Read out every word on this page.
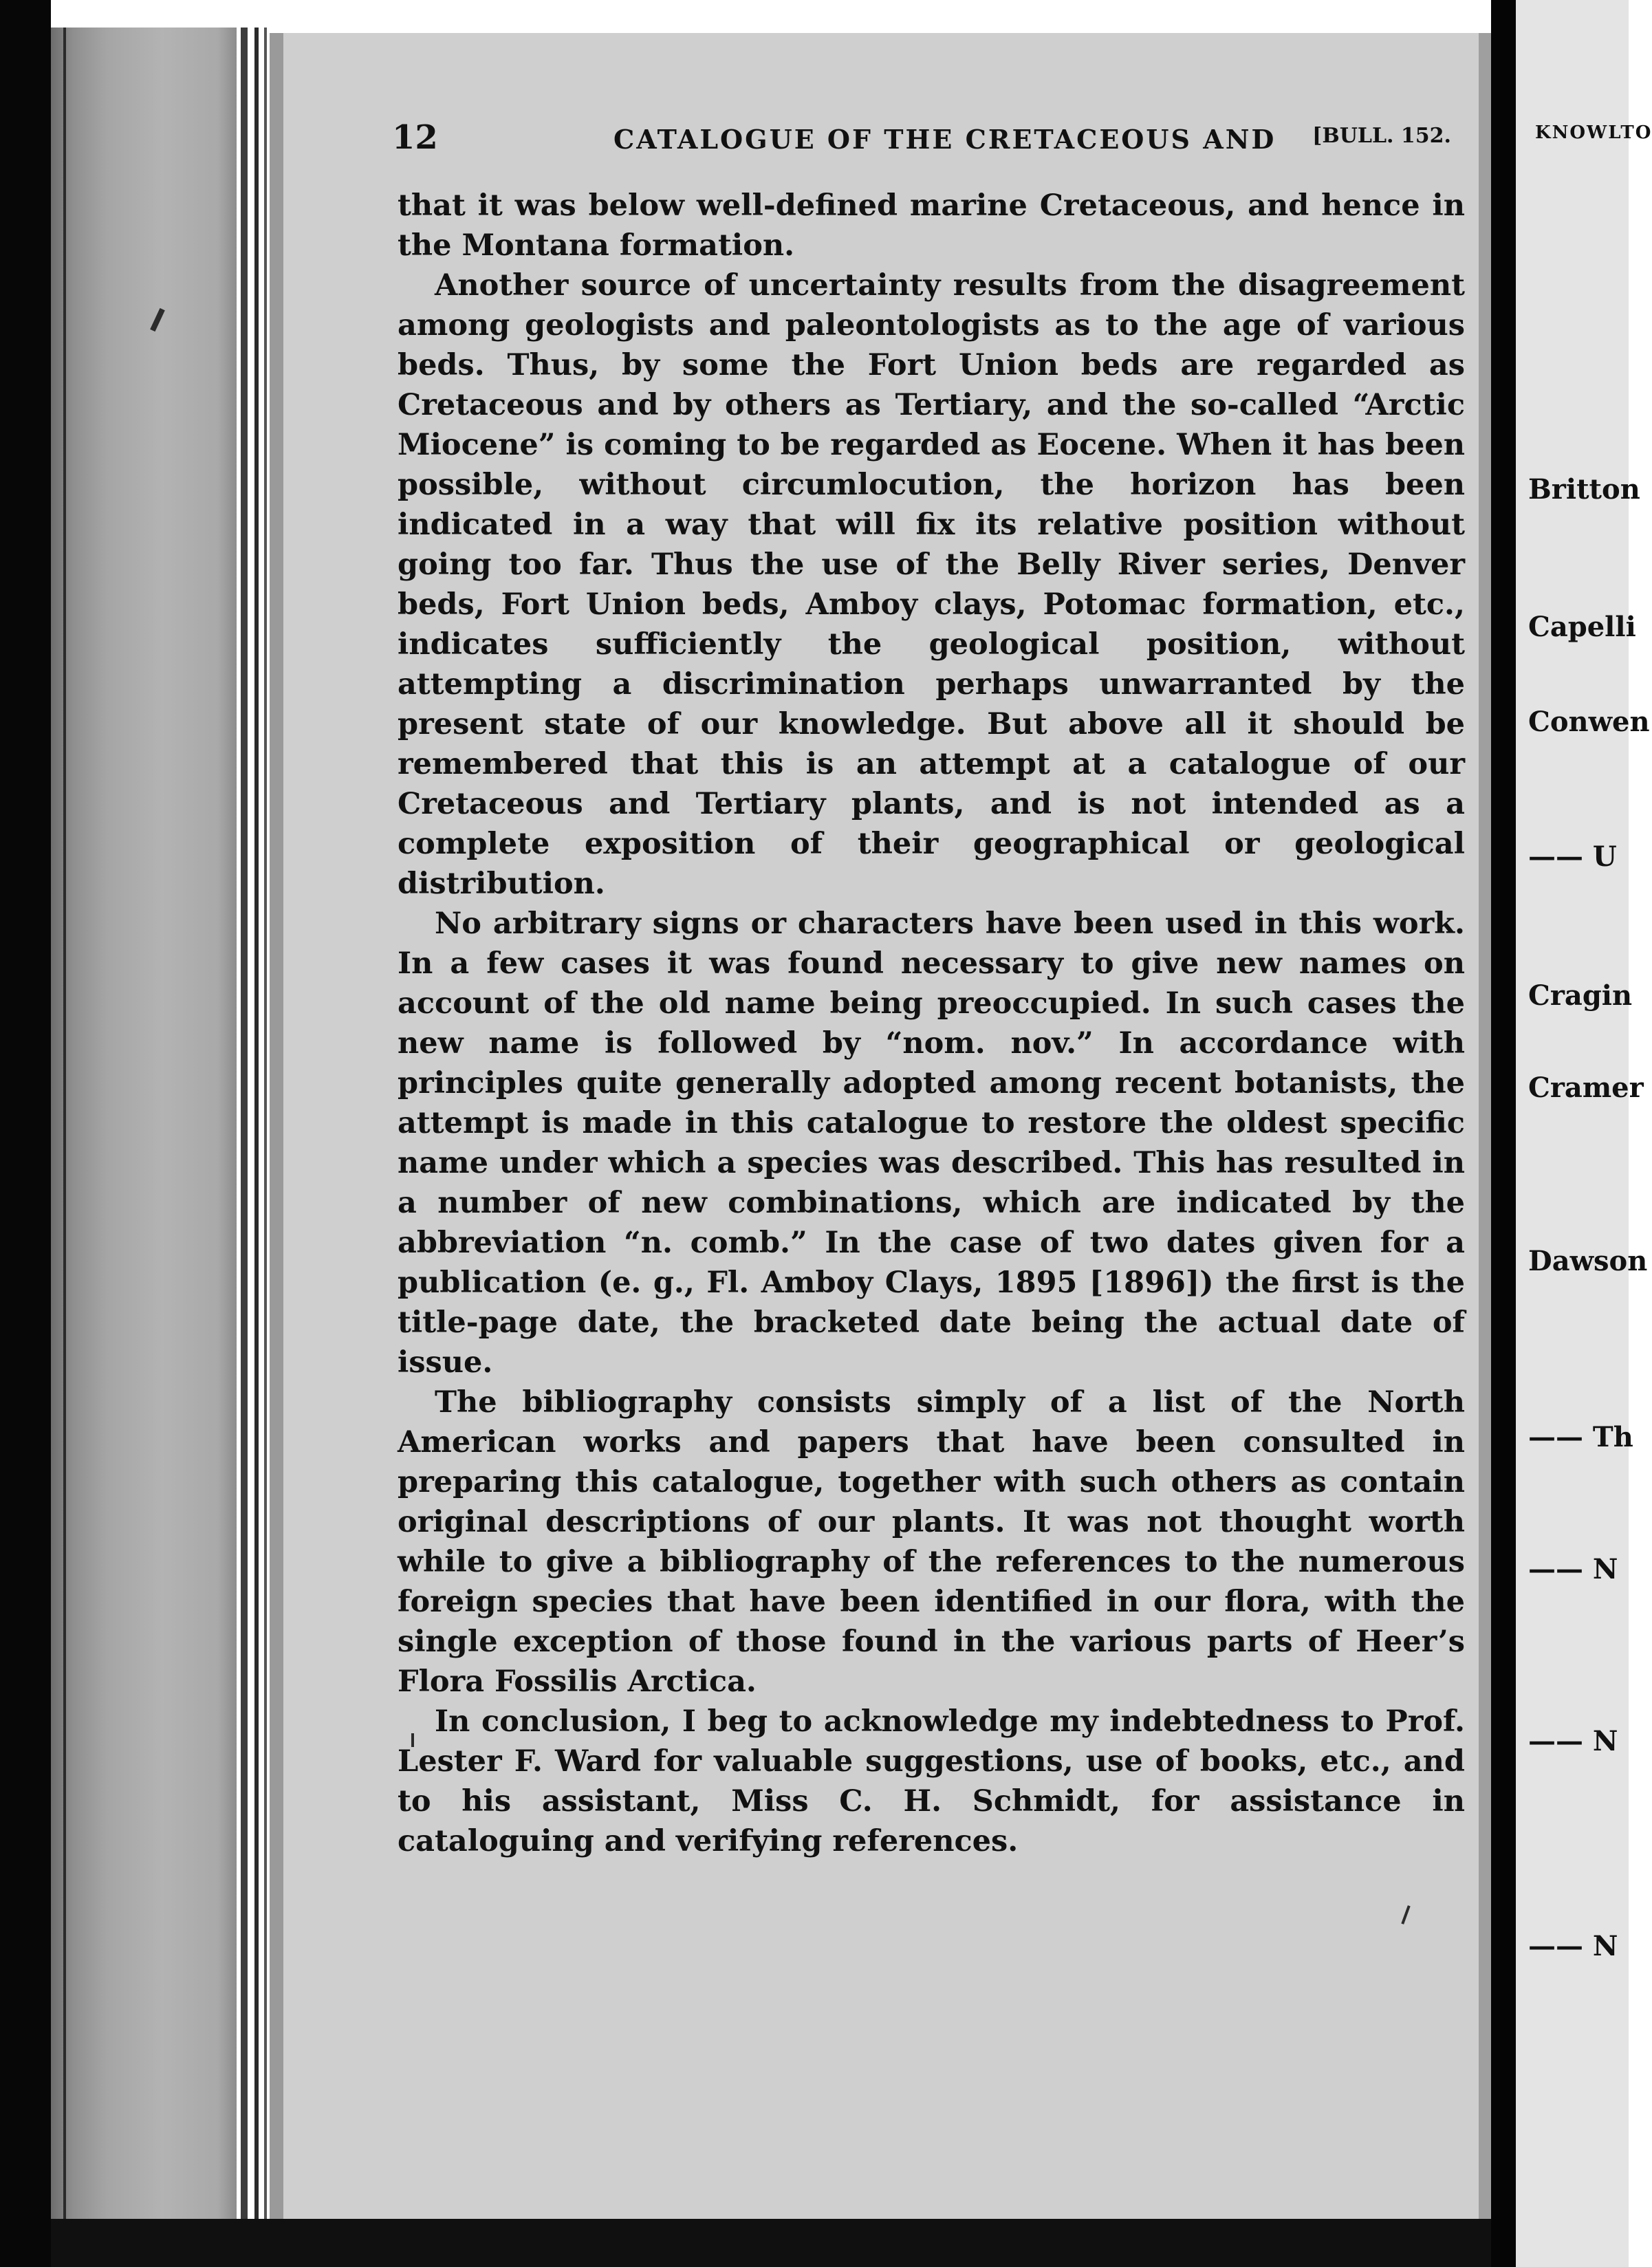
12	CATALOGUE OF THE CRETACEOUS AND [BULL. 152.

that it was below well-defined marine Cretaceous, and hence in the Montana formation.

Another source of uncertainty results from the disagreement among geologists and paleontologists as to the age of various beds. Thus, by some the Fort Union beds are regarded as Cretaceous and by others as Tertiary, and the so-called “Arctic Miocene” is coming to be regarded as Eocene. When it has been possible, without circumlocution, the horizon has been indicated in a way that will fix its relative position without going too far. Thus the use of the Belly River series, Denver beds, Fort Union beds, Amboy clays, Potomac formation, etc., indicates sufficiently the geological position, without attempting a discrimination perhaps unwarranted by the present state of our knowledge. But above all it should be remembered that this is an attempt at a catalogue of our Cretaceous and Tertiary plants, and is not intended as a complete exposition of their geographical or geological distribution.

No arbitrary signs or characters have been used in this work. In a few cases it was found necessary to give new names on account of the old name being preoccupied. In such cases the new name is followed by “nom. nov.” In accordance with principles quite generally adopted among recent botanists, the attempt is made in this catalogue to restore the oldest specific name under which a species was described. This has resulted in a number of new combinations, which are indicated by the abbreviation “n. comb.” In the case of two dates given for a publication (e. g., Fl. Amboy Clays, 1895 [1896]) the first is the title-page date, the bracketed date being the actual date of issue.

The bibliography consists simply of a list of the North American works and papers that have been consulted in preparing this catalogue, together with such others as contain original descriptions of our plants. It was not thought worth while to give a bibliography of the references to the numerous foreign species that have been identified in our flora, with the single exception of those found in the various parts of Heer’s Flora Fossilis Arctica.

In conclusion, I beg to acknowledge my indebtedness to Prof. Lester F. Ward for valuable suggestions, use of books, etc., and to his assistant, Miss C. H. Schmidt, for assistance in cataloguing and verifying references.

KNOWLTO
Britton
Capelli
Conwen
—— U
Cragin
Cramer
Dawson
—— Th
—— N
—— N
—— N
